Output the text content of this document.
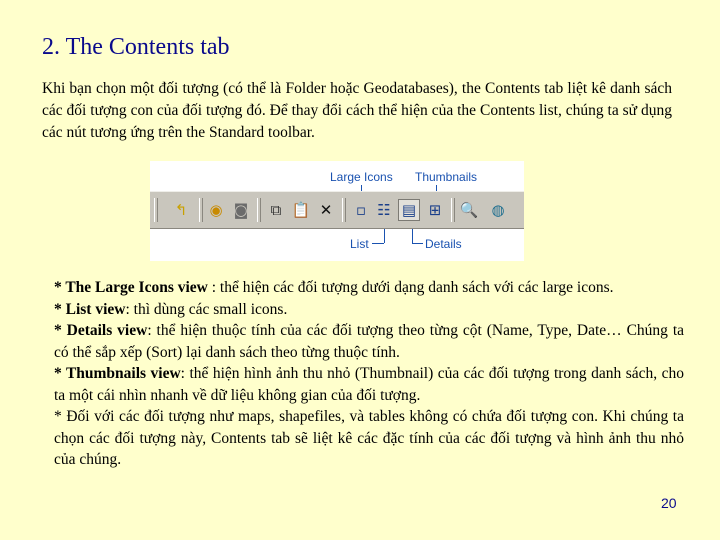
2. The Contents tab

Khi bạn chọn một đối tượng (có thể là Folder hoặc Geodatabases), the Contents tab liệt kê danh sách các đối tượng con của đối tượng đó. Để thay đổi cách thể hiện của the Contents list, chúng ta sử dụng các nút tương ứng trên the Standard toolbar.

Large Icons Thumbnails
List	Details
↰	◉ ◙	⧉ 📋 ✕	▫ ☷ ▤ ⊞	🔍 ◍

* The Large Icons view : thể hiện các đối tượng dưới dạng danh sách với các large icons.

* List view: thì dùng các small icons.

* Details view: thể hiện thuộc tính của các đối tượng theo từng cột (Name, Type, Date… Chúng ta có thể sắp xếp (Sort) lại danh sách theo từng thuộc tính.

* Thumbnails view: thể hiện hình ảnh thu nhỏ (Thumbnail) của các đối tượng trong danh sách, cho ta một cái nhìn nhanh về dữ liệu không gian của đối tượng.

* Đối với các đối tượng như maps, shapefiles, và tables không có chứa đối tượng con. Khi chúng ta chọn các đối tượng này, Contents tab sẽ liệt kê các đặc tính của các đối tượng và hình ảnh thu nhỏ của chúng.

20
